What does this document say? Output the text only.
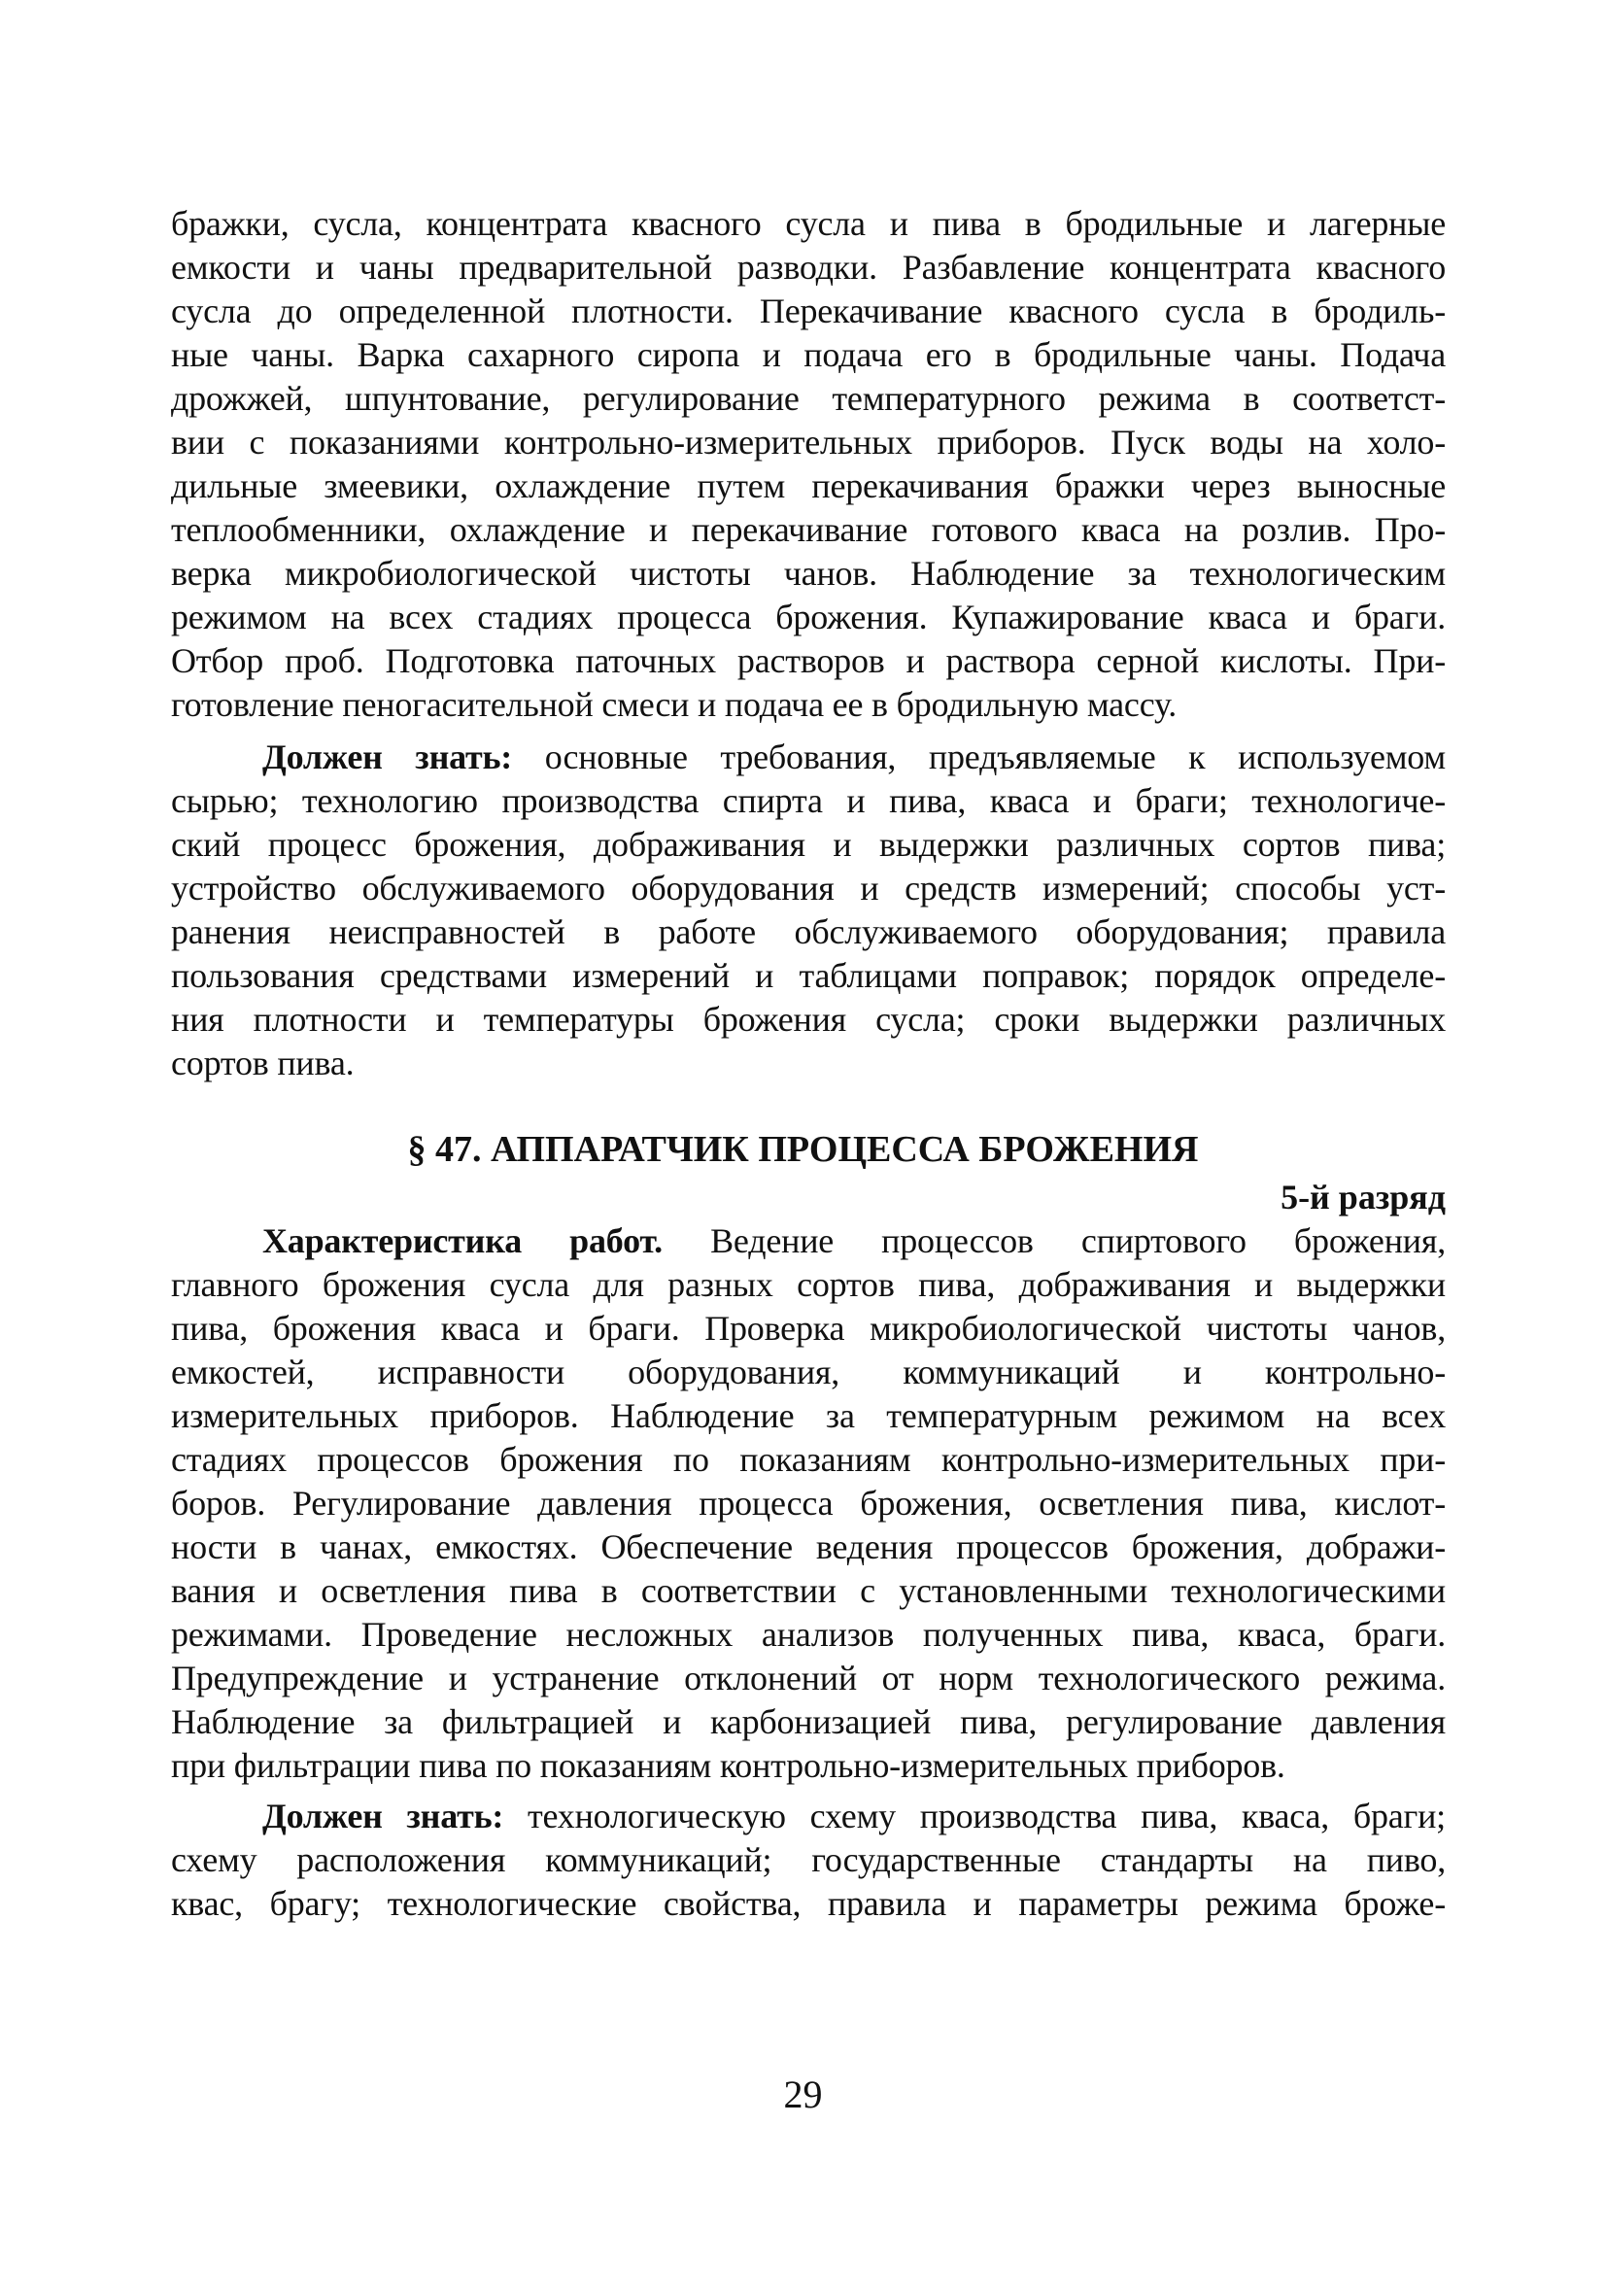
бражки, сусла, концентрата квасного сусла и пива в бродильные и лагерные
емкости и чаны предварительной разводки. Разбавление концентрата квасного
сусла до определенной плотности. Перекачивание квасного сусла в бродиль-
ные чаны. Варка сахарного сиропа и подача его в бродильные чаны. Подача
дрожжей, шпунтование, регулирование температурного режима в соответст-
вии с показаниями контрольно-измерительных приборов. Пуск воды на холо-
дильные змеевики, охлаждение путем перекачивания бражки через выносные
теплообменники, охлаждение и перекачивание готового кваса на розлив. Про-
верка микробиологической чистоты чанов. Наблюдение за технологическим
режимом на всех стадиях процесса брожения. Купажирование кваса и браги.
Отбор проб. Подготовка паточных растворов и раствора серной кислоты. При-
готовление пеногасительной смеси и подача ее в бродильную массу.
Должен знать: основные требования, предъявляемые к используемом
сырью; технологию производства спирта и пива, кваса и браги; технологиче-
ский процесс брожения, дображивания и выдержки различных сортов пива;
устройство обслуживаемого оборудования и средств измерений; способы уст-
ранения неисправностей в работе обслуживаемого оборудования; правила
пользования средствами измерений и таблицами поправок; порядок определе-
ния плотности и температуры брожения сусла; сроки выдержки различных
сортов пива.
§ 47. АППАРАТЧИК ПРОЦЕССА БРОЖЕНИЯ
5-й разряд
Характеристика работ. Ведение процессов спиртового брожения,
главного брожения сусла для разных сортов пива, дображивания и выдержки
пива, брожения кваса и браги. Проверка микробиологической чистоты чанов,
емкостей, исправности оборудования, коммуникаций и контрольно-
измерительных приборов. Наблюдение за температурным режимом на всех
стадиях процессов брожения по показаниям контрольно-измерительных при-
боров. Регулирование давления процесса брожения, осветления пива, кислот-
ности в чанах, емкостях. Обеспечение ведения процессов брожения, дображи-
вания и осветления пива в соответствии с установленными технологическими
режимами. Проведение несложных анализов полученных пива, кваса, браги.
Предупреждение и устранение отклонений от норм технологического режима.
Наблюдение за фильтрацией и карбонизацией пива, регулирование давления
при фильтрации пива по показаниям контрольно-измерительных приборов.
Должен знать: технологическую схему производства пива, кваса, браги;
схему расположения коммуникаций; государственные стандарты на пиво,
квас, брагу; технологические свойства, правила и параметры режима броже-
29
